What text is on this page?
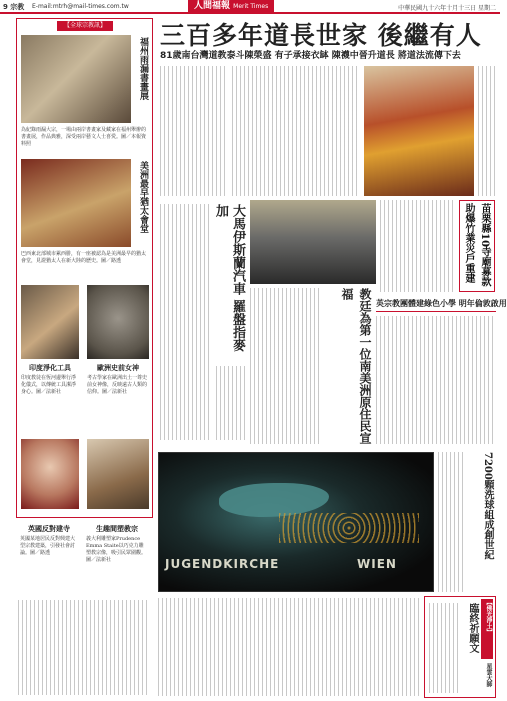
9 宗教 E-mail:mtrh@mail-times.com.tw	人間福報 Merit Times	中華民國九十六年十月十三日 星期二
【全球宗教訊】
福州雨漏書畫展
為紀錄雨漏大宗，一場由兩岸書畫家及藏家在福州舉辦的書畫展，作品典雅，深受兩岸藝文人士喜愛。圖／本報資料照
美洲最早猶太會堂
巴西東北部城市累西腓，有一座被認為是美洲最早的猶太會堂，見證猶太人在新大陸的歷史。圖／路透
印度淨化工具	歐洲史前女神
印度教徒在恆河邊舉行淨化儀式，以傳統工具潔淨身心。圖／法新社
考古學家在歐洲出土一尊史前女神像，反映遠古人類的信仰。圖／法新社
英國反對建寺	生趣間塑教宗
英國某地居民反對興建大型宗教建築，引發社會討論。圖／路透
義大利雕塑家Prudence Emma Staite以巧克力雕塑教宗像，吸引民眾圍觀。圖／法新社
三百多年道長世家 後繼有人
81歲南台灣道教泰斗陳榮盛 有子承接衣缽 陳襪中晉升道長 將道法流傳下去
苗栗縣10寺廟募款 助爆竹業災戶重建
大馬伊斯蘭汽車 羅盤指麥加
教廷為第一位南美洲原住民宣福
英宗教團體建綠色小學 明年倫敦啟用
JUGENDKIRCHE	WIEN
7200顆洗球組成創世紀
【佛光淨土】
臨終祈願文
星雲大師
